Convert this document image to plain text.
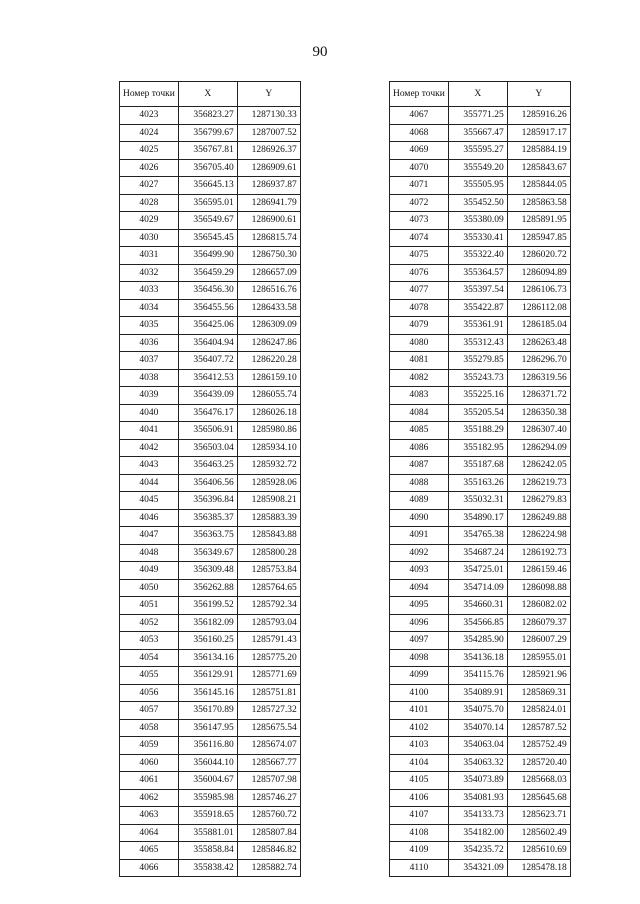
90
Номер точки	X	Y
4023	356823.27	1287130.33
4024	356799.67	1287007.52
4025	356767.81	1286926.37
4026	356705.40	1286909.61
4027	356645.13	1286937.87
4028	356595.01	1286941.79
4029	356549.67	1286900.61
4030	356545.45	1286815.74
4031	356499.90	1286750.30
4032	356459.29	1286657.09
4033	356456.30	1286516.76
4034	356455.56	1286433.58
4035	356425.06	1286309.09
4036	356404.94	1286247.86
4037	356407.72	1286220.28
4038	356412.53	1286159.10
4039	356439.09	1286055.74
4040	356476.17	1286026.18
4041	356506.91	1285980.86
4042	356503.04	1285934.10
4043	356463.25	1285932.72
4044	356406.56	1285928.06
4045	356396.84	1285908.21
4046	356385.37	1285883.39
4047	356363.75	1285843.88
4048	356349.67	1285800.28
4049	356309.48	1285753.84
4050	356262.88	1285764.65
4051	356199.52	1285792.34
4052	356182.09	1285793.04
4053	356160.25	1285791.43
4054	356134.16	1285775.20
4055	356129.91	1285771.69
4056	356145.16	1285751.81
4057	356170.89	1285727.32
4058	356147.95	1285675.54
4059	356116.80	1285674.07
4060	356044.10	1285667.77
4061	356004.67	1285707.98
4062	355985.98	1285746.27
4063	355918.65	1285760.72
4064	355881.01	1285807.84
4065	355858.84	1285846.82
4066	355838.42	1285882.74
Номер точки	X	Y
4067	355771.25	1285916.26
4068	355667.47	1285917.17
4069	355595.27	1285884.19
4070	355549.20	1285843.67
4071	355505.95	1285844.05
4072	355452.50	1285863.58
4073	355380.09	1285891.95
4074	355330.41	1285947.85
4075	355322.40	1286020.72
4076	355364.57	1286094.89
4077	355397.54	1286106.73
4078	355422.87	1286112.08
4079	355361.91	1286185.04
4080	355312.43	1286263.48
4081	355279.85	1286296.70
4082	355243.73	1286319.56
4083	355225.16	1286371.72
4084	355205.54	1286350.38
4085	355188.29	1286307.40
4086	355182.95	1286294.09
4087	355187.68	1286242.05
4088	355163.26	1286219.73
4089	355032.31	1286279.83
4090	354890.17	1286249.88
4091	354765.38	1286224.98
4092	354687.24	1286192.73
4093	354725.01	1286159.46
4094	354714.09	1286098.88
4095	354660.31	1286082.02
4096	354566.85	1286079.37
4097	354285.90	1286007.29
4098	354136.18	1285955.01
4099	354115.76	1285921.96
4100	354089.91	1285869.31
4101	354075.70	1285824.01
4102	354070.14	1285787.52
4103	354063.04	1285752.49
4104	354063.32	1285720.40
4105	354073.89	1285668.03
4106	354081.93	1285645.68
4107	354133.73	1285623.71
4108	354182.00	1285602.49
4109	354235.72	1285610.69
4110	354321.09	1285478.18
